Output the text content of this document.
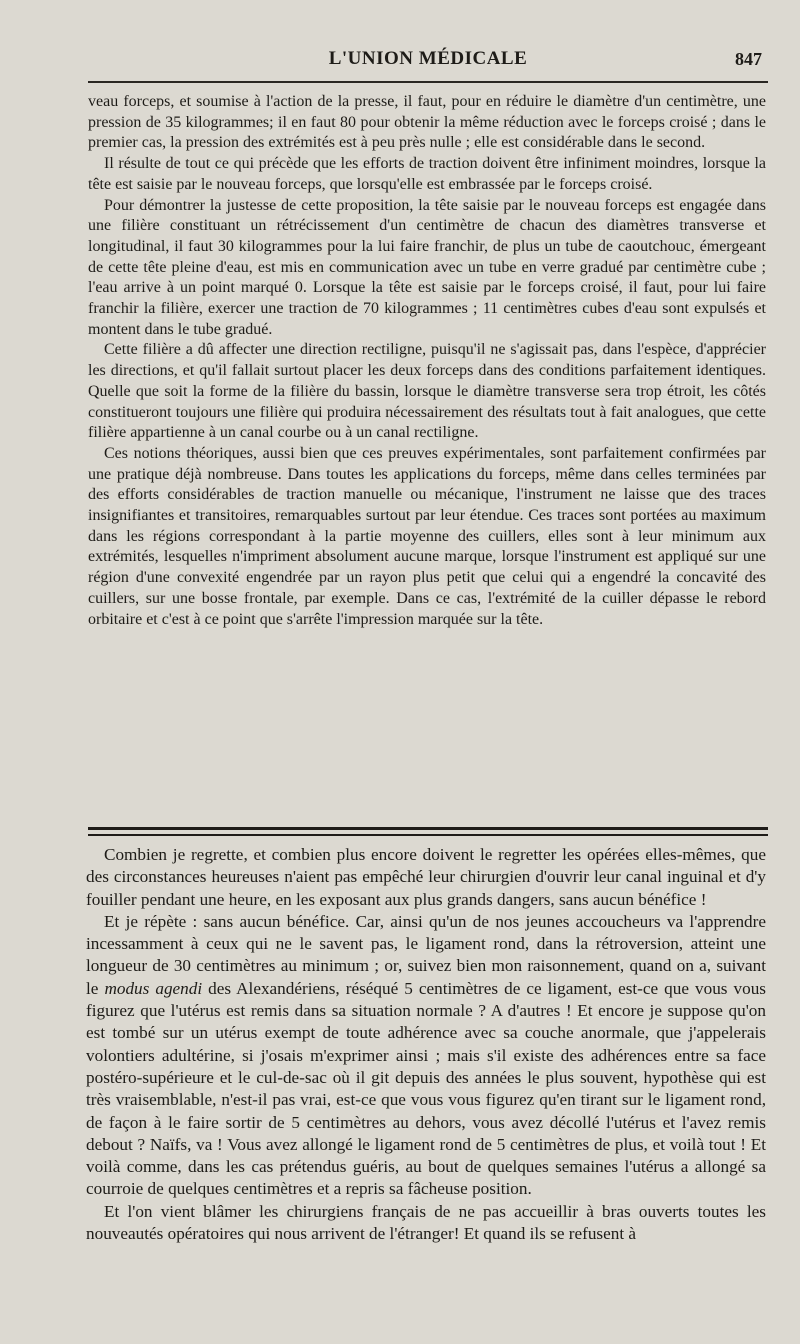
L'UNION MÉDICALE	847

veau forceps, et soumise à l'action de la presse, il faut, pour en réduire le diamètre d'un centimètre, une pression de 35 kilogrammes; il en faut 80 pour obtenir la même réduction avec le forceps croisé ; dans le premier cas, la pression des extrémités est à peu près nulle ; elle est considérable dans le second.

Il résulte de tout ce qui précède que les efforts de traction doivent être infiniment moindres, lorsque la tête est saisie par le nouveau forceps, que lorsqu'elle est embrassée par le forceps croisé.

Pour démontrer la justesse de cette proposition, la tête saisie par le nouveau forceps est engagée dans une filière constituant un rétrécissement d'un centimètre de chacun des diamètres transverse et longitudinal, il faut 30 kilogrammes pour la lui faire franchir, de plus un tube de caoutchouc, émergeant de cette tête pleine d'eau, est mis en communication avec un tube en verre gradué par centimètre cube ; l'eau arrive à un point marqué 0. Lorsque la tête est saisie par le forceps croisé, il faut, pour lui faire franchir la filière, exercer une traction de 70 kilogrammes ; 11 centimètres cubes d'eau sont expulsés et montent dans le tube gradué.

Cette filière a dû affecter une direction rectiligne, puisqu'il ne s'agissait pas, dans l'espèce, d'apprécier les directions, et qu'il fallait surtout placer les deux forceps dans des conditions parfaitement identiques. Quelle que soit la forme de la filière du bassin, lorsque le diamètre transverse sera trop étroit, les côtés constitueront toujours une filière qui produira nécessairement des résultats tout à fait analogues, que cette filière appartienne à un canal courbe ou à un canal rectiligne.

Ces notions théoriques, aussi bien que ces preuves expérimentales, sont parfaitement confirmées par une pratique déjà nombreuse. Dans toutes les applications du forceps, même dans celles terminées par des efforts considérables de traction manuelle ou mécanique, l'instrument ne laisse que des traces insignifiantes et transitoires, remarquables surtout par leur étendue. Ces traces sont portées au maximum dans les régions correspondant à la partie moyenne des cuillers, elles sont à leur minimum aux extrémités, lesquelles n'impriment absolument aucune marque, lorsque l'instrument est appliqué sur une région d'une convexité engendrée par un rayon plus petit que celui qui a engendré la concavité des cuillers, sur une bosse frontale, par exemple. Dans ce cas, l'extrémité de la cuiller dépasse le rebord orbitaire et c'est à ce point que s'arrête l'impression marquée sur la tête.

Combien je regrette, et combien plus encore doivent le regretter les opérées elles-mêmes, que des circonstances heureuses n'aient pas empêché leur chirurgien d'ouvrir leur canal inguinal et d'y fouiller pendant une heure, en les exposant aux plus grands dangers, sans aucun bénéfice !

Et je répète : sans aucun bénéfice. Car, ainsi qu'un de nos jeunes accoucheurs va l'apprendre incessamment à ceux qui ne le savent pas, le ligament rond, dans la rétroversion, atteint une longueur de 30 centimètres au minimum ; or, suivez bien mon raisonnement, quand on a, suivant le modus agendi des Alexandériens, réséqué 5 centimètres de ce ligament, est-ce que vous vous figurez que l'utérus est remis dans sa situation normale ? A d'autres ! Et encore je suppose qu'on est tombé sur un utérus exempt de toute adhérence avec sa couche anormale, que j'appelerais volontiers adultérine, si j'osais m'exprimer ainsi ; mais s'il existe des adhérences entre sa face postéro-supérieure et le cul-de-sac où il git depuis des années le plus souvent, hypothèse qui est très vraisemblable, n'est-il pas vrai, est-ce que vous vous figurez qu'en tirant sur le ligament rond, de façon à le faire sortir de 5 centimètres au dehors, vous avez décollé l'utérus et l'avez remis debout ? Naïfs, va ! Vous avez allongé le ligament rond de 5 centimètres de plus, et voilà tout ! Et voilà comme, dans les cas prétendus guéris, au bout de quelques semaines l'utérus a allongé sa courroie de quelques centimètres et a repris sa fâcheuse position.

Et l'on vient blâmer les chirurgiens français de ne pas accueillir à bras ouverts toutes les nouveautés opératoires qui nous arrivent de l'étranger! Et quand ils se refusent à
